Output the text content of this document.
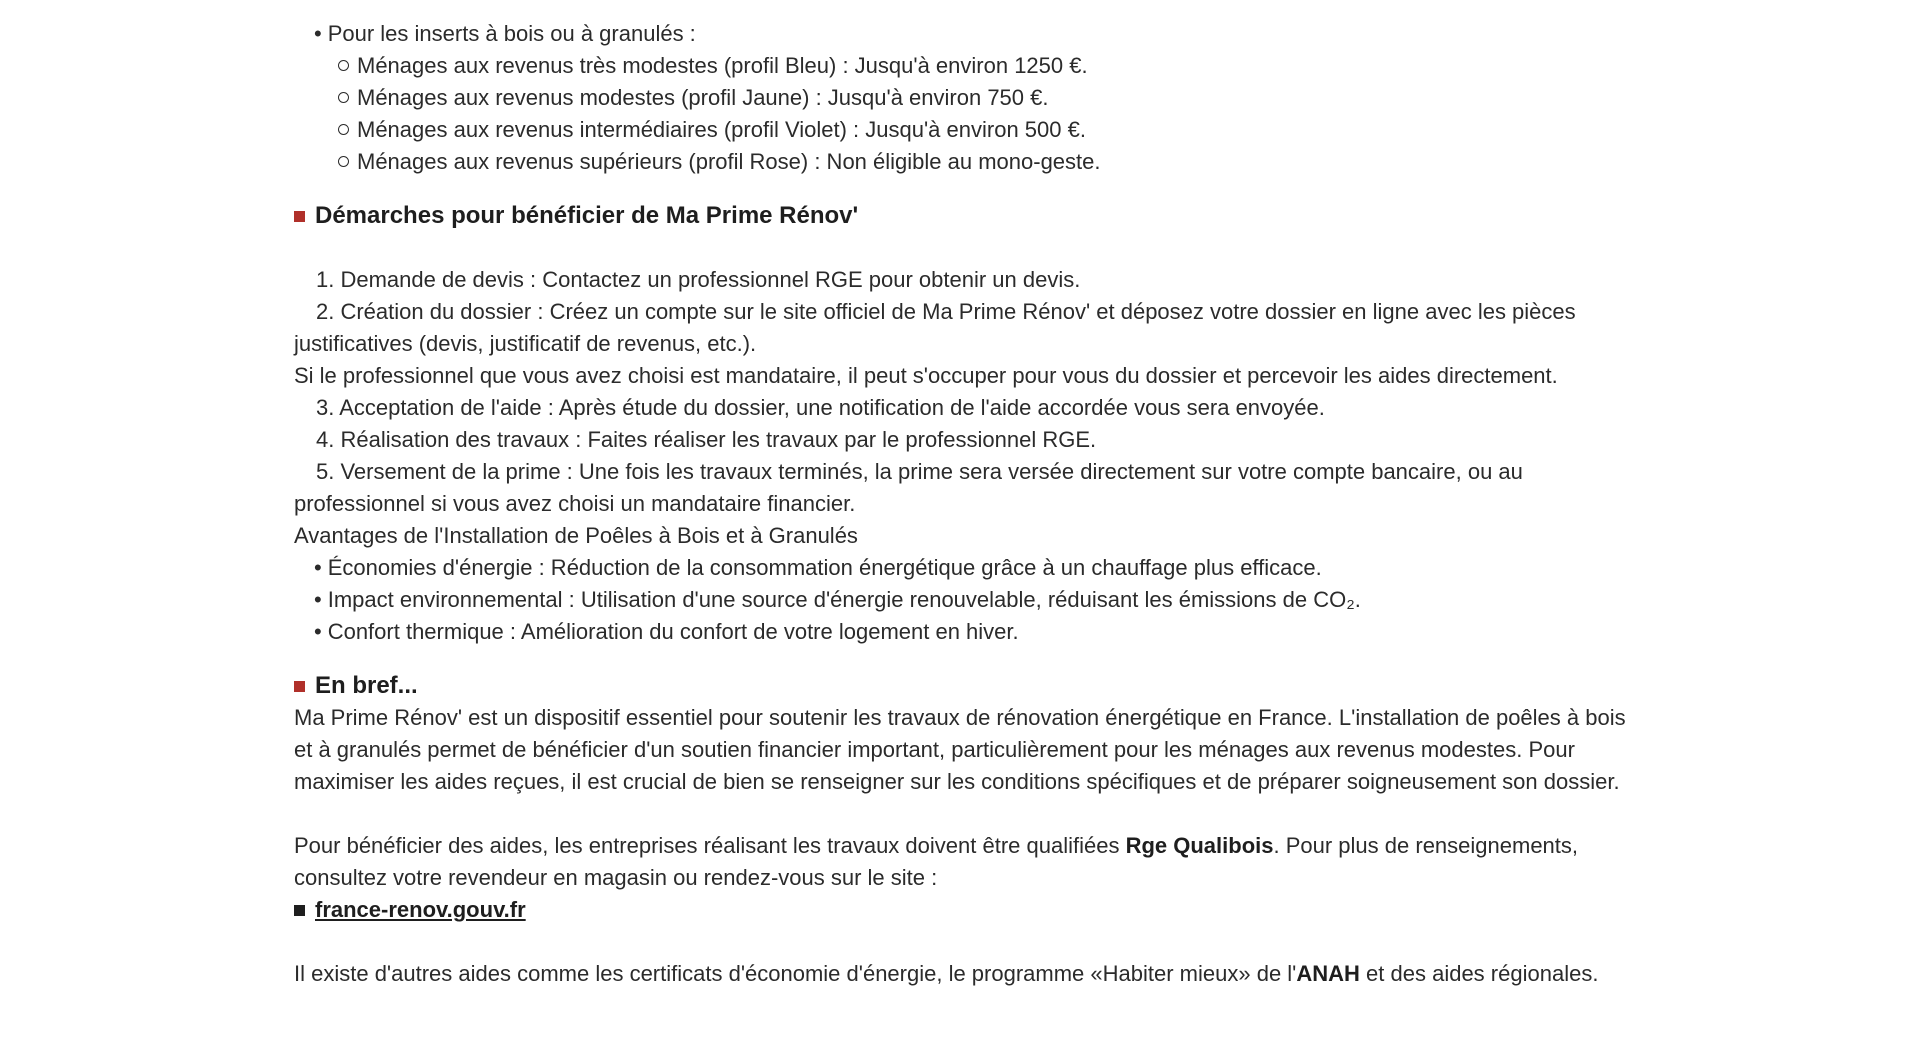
• Pour les inserts à bois ou à granulés :
Ménages aux revenus très modestes (profil Bleu) : Jusqu'à environ 1250 €.
Ménages aux revenus modestes (profil Jaune) : Jusqu'à environ 750 €.
Ménages aux revenus intermédiaires (profil Violet) : Jusqu'à environ 500 €.
Ménages aux revenus supérieurs (profil Rose) : Non éligible au mono-geste.
Démarches pour bénéficier de Ma Prime Rénov'
1. Demande de devis : Contactez un professionnel RGE pour obtenir un devis.
2. Création du dossier : Créez un compte sur le site officiel de Ma Prime Rénov' et déposez votre dossier en ligne avec les pièces
justificatives (devis, justificatif de revenus, etc.).
Si le professionnel que vous avez choisi est mandataire, il peut s'occuper pour vous du dossier et percevoir les aides directement.
3. Acceptation de l'aide : Après étude du dossier, une notification de l'aide accordée vous sera envoyée.
4. Réalisation des travaux : Faites réaliser les travaux par le professionnel RGE.
5. Versement de la prime : Une fois les travaux terminés, la prime sera versée directement sur votre compte bancaire, ou au
professionnel si vous avez choisi un mandataire financier.
Avantages de l'Installation de Poêles à Bois et à Granulés
• Économies d'énergie : Réduction de la consommation énergétique grâce à un chauffage plus efficace.
• Impact environnemental : Utilisation d'une source d'énergie renouvelable, réduisant les émissions de CO₂.
• Confort thermique : Amélioration du confort de votre logement en hiver.
En bref...
Ma Prime Rénov' est un dispositif essentiel pour soutenir les travaux de rénovation énergétique en France. L'installation de poêles à bois et à granulés permet de bénéficier d'un soutien financier important, particulièrement pour les ménages aux revenus modestes. Pour maximiser les aides reçues, il est crucial de bien se renseigner sur les conditions spécifiques et de préparer soigneusement son dossier.
Pour bénéficier des aides, les entreprises réalisant les travaux doivent être qualifiées Rge Qualibois. Pour plus de renseignements, consultez votre revendeur en magasin ou rendez-vous sur le site :
france-renov.gouv.fr
Il existe d'autres aides comme les certificats d'économie d'énergie, le programme «Habiter mieux» de l'ANAH et des aides régionales.
